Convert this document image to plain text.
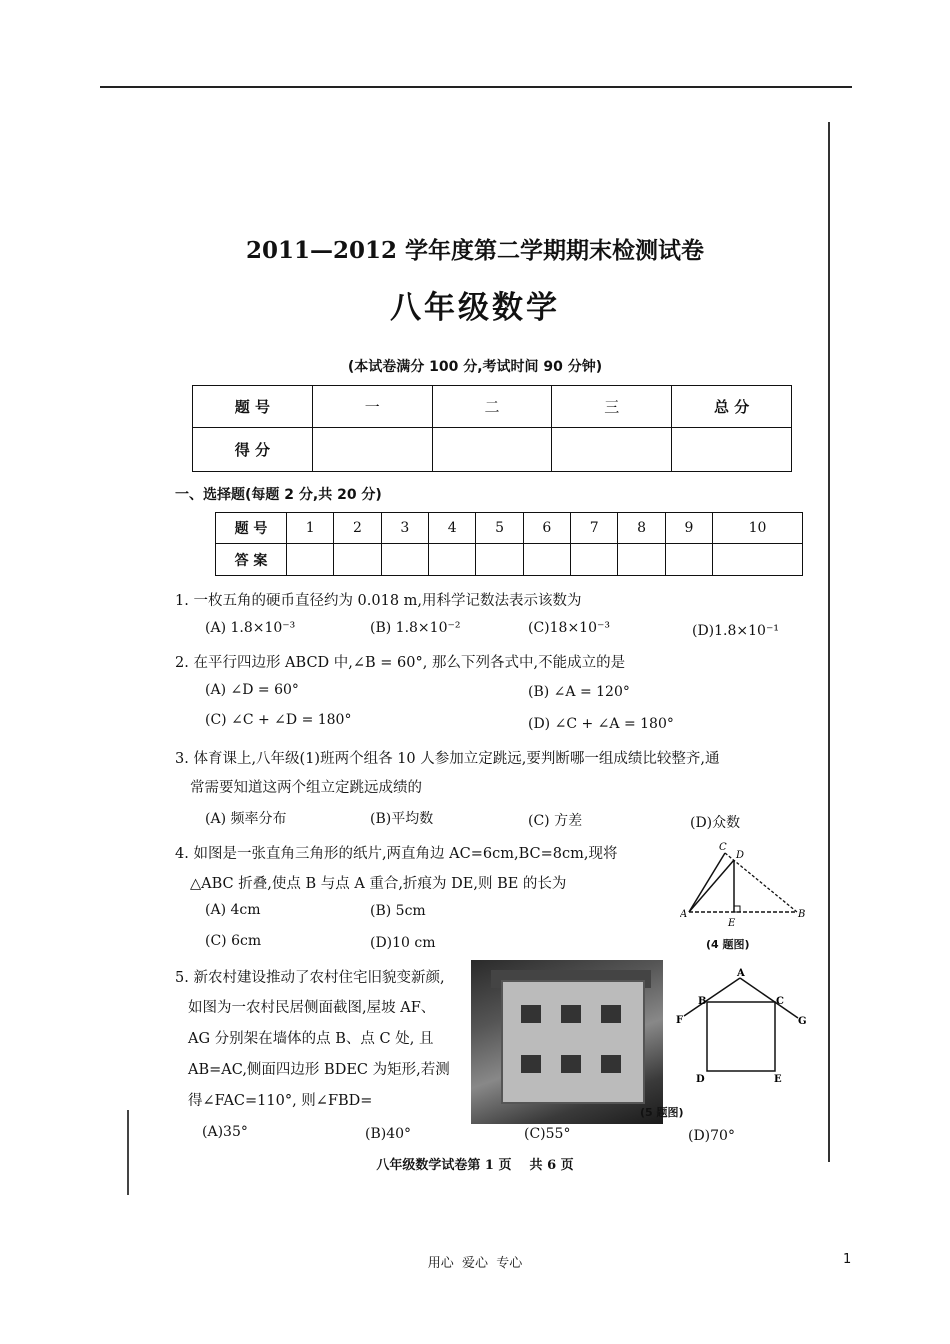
2011—2012 学年度第二学期期末检测试卷
八年级数学
(本试卷满分 100 分,考试时间 90 分钟)
题 号	一	二	三	总 分
得 分				
一、选择题(每题 2 分,共 20 分)
题 号	1	2	3	4	5	6	7	8	9	10
答 案										
1. 一枚五角的硬币直径约为 0.018 m,用科学记数法表示该数为
(A) 1.8×10⁻³	(B) 1.8×10⁻²	(C)18×10⁻³	(D)1.8×10⁻¹
2. 在平行四边形 ABCD 中,∠B = 60°, 那么下列各式中,不能成立的是
(A) ∠D = 60°	(B) ∠A = 120°
(C) ∠C + ∠D = 180°	(D) ∠C + ∠A = 180°
3. 体育课上,八年级(1)班两个组各 10 人参加立定跳远,要判断哪一组成绩比较整齐,通
常需要知道这两个组立定跳远成绩的
(A) 频率分布	(B)平均数	(C) 方差	(D)众数
4. 如图是一张直角三角形的纸片,两直角边 AC=6cm,BC=8cm,现将
△ABC 折叠,使点 B 与点 A 重合,折痕为 DE,则 BE 的长为
(A) 4cm	(B) 5cm
(C) 6cm	(D)10 cm
C
D
A
E
B
(4 题图)
5. 新农村建设推动了农村住宅旧貌变新颜,
如图为一农村民居侧面截图,屋坡 AF、
AG 分别架在墙体的点 B、点 C 处, 且
AB=AC,侧面四边形 BDEC 为矩形,若测
得∠FAC=110°, 则∠FBD=
A
B	C
F	G
D	E
(5 题图)
(A)35°	(B)40°	(C)55°	(D)70°
八年级数学试卷第 1 页    共 6 页
用心  爱心  专心	1
